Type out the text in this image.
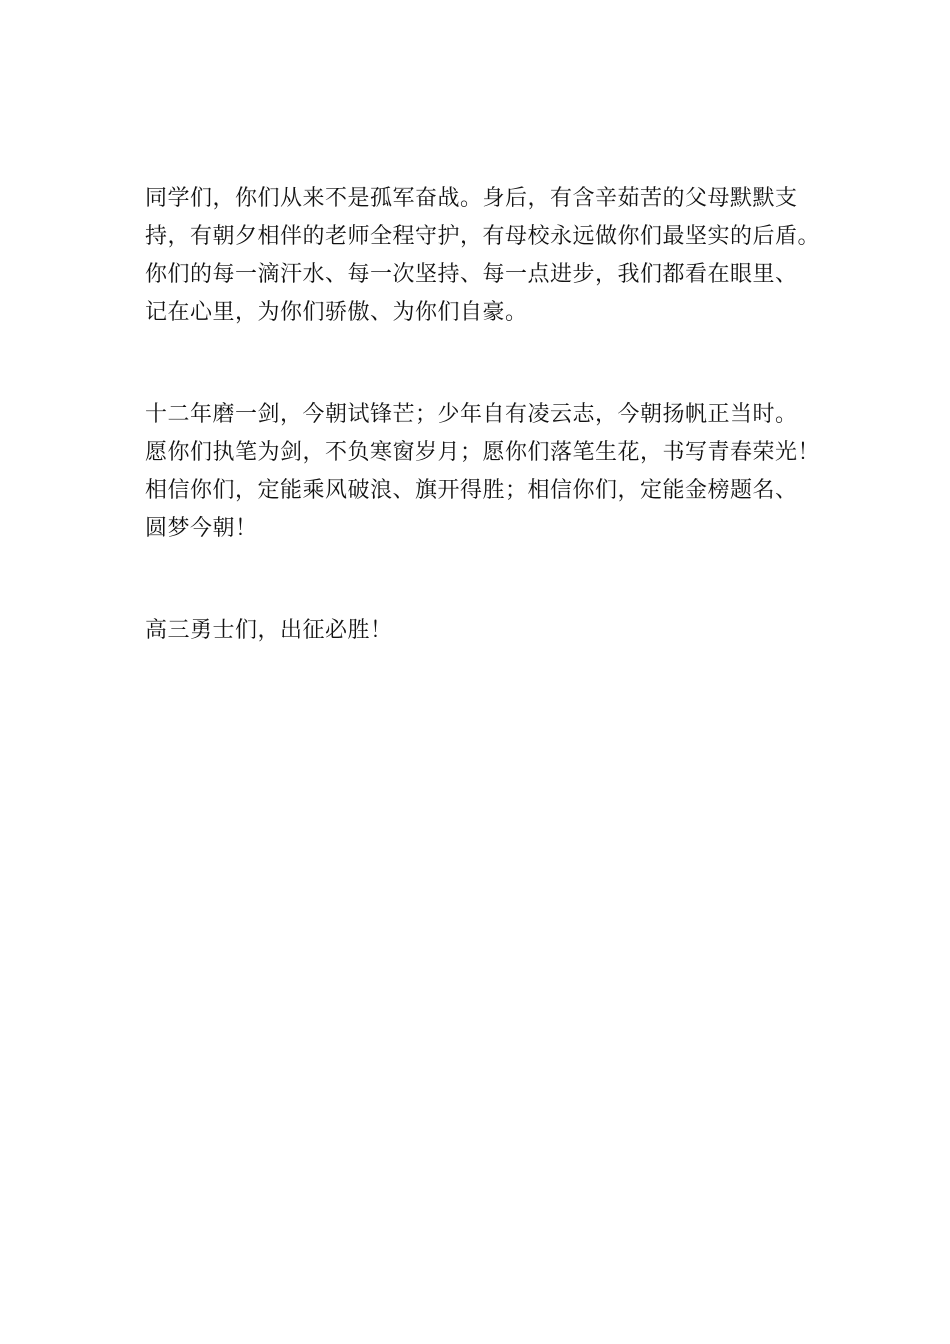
同学们，你们从来不是孤军奋战。身后，有含辛茹苦的父母默默支
持，有朝夕相伴的老师全程守护，有母校永远做你们最坚实的后盾。
你们的每一滴汗水、每一次坚持、每一点进步，我们都看在眼里、
记在心里，为你们骄傲、为你们自豪。

十二年磨一剑，今朝试锋芒；少年自有凌云志，今朝扬帆正当时。
愿你们执笔为剑，不负寒窗岁月；愿你们落笔生花，书写青春荣光！
相信你们，定能乘风破浪、旗开得胜；相信你们，定能金榜题名、
圆梦今朝！

高三勇士们，出征必胜！
